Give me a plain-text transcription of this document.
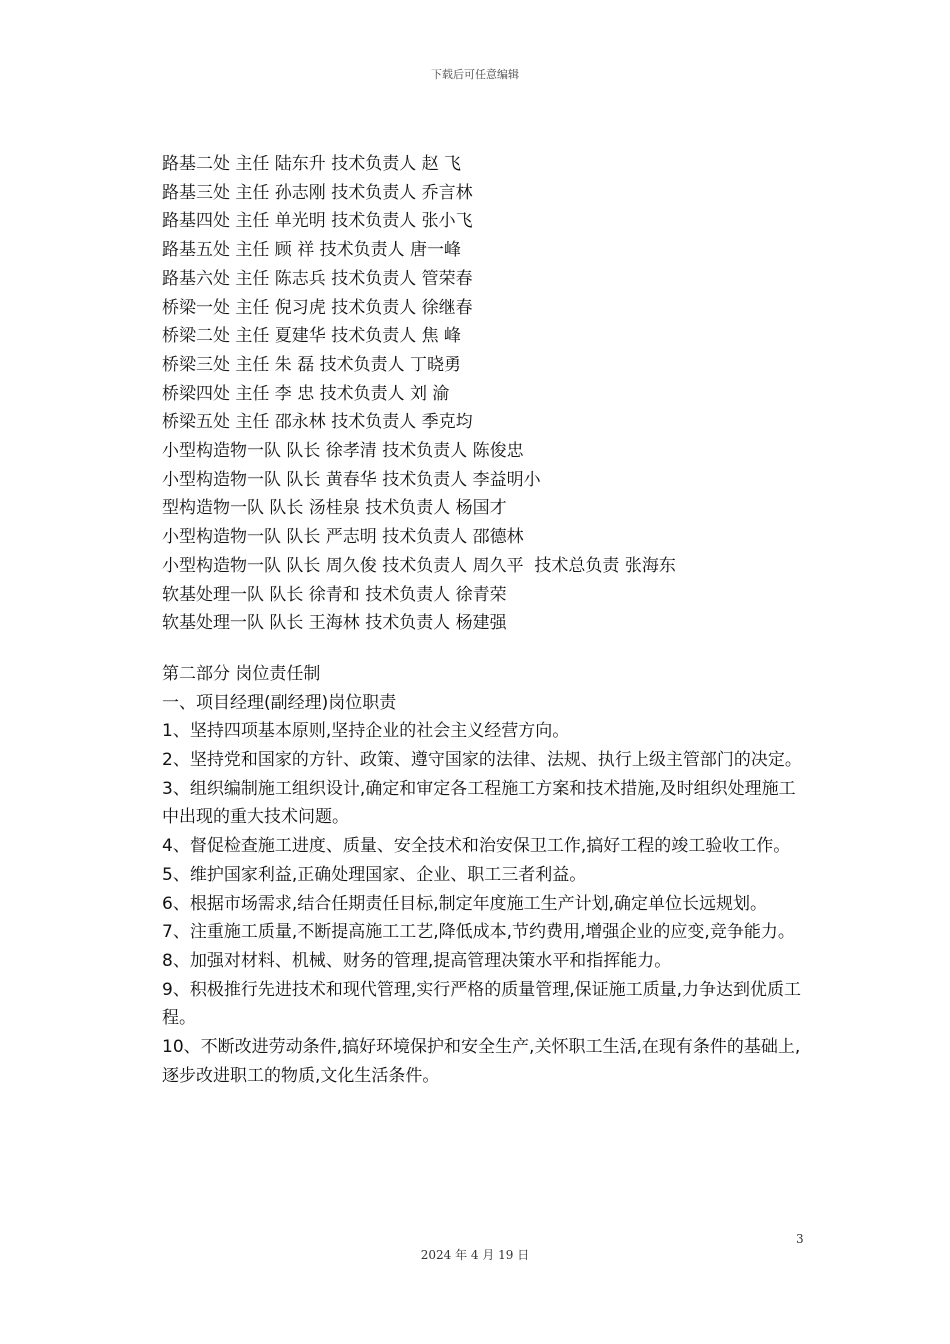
下载后可任意编辑
路基二处 主任 陆东升 技术负责人 赵 飞
路基三处 主任 孙志刚 技术负责人 乔言林
路基四处 主任 单光明 技术负责人 张小飞
路基五处 主任 顾 祥 技术负责人 唐一峰
路基六处 主任 陈志兵 技术负责人 管荣春
桥梁一处 主任 倪习虎 技术负责人 徐继春
桥梁二处 主任 夏建华 技术负责人 焦 峰
桥梁三处 主任 朱 磊 技术负责人 丁晓勇
桥梁四处 主任 李 忠 技术负责人 刘 渝
桥梁五处 主任 邵永林 技术负责人 季克均
小型构造物一队 队长 徐孝清 技术负责人 陈俊忠
小型构造物一队 队长 黄春华 技术负责人 李益明小
型构造物一队 队长 汤桂泉 技术负责人 杨国才
小型构造物一队 队长 严志明 技术负责人 邵德林
小型构造物一队 队长 周久俊 技术负责人 周久平  技术总负责 张海东
软基处理一队 队长 徐青和 技术负责人 徐青荣
软基处理一队 队长 王海林 技术负责人 杨建强
第二部分 岗位责任制
一、项目经理(副经理)岗位职责
1、坚持四项基本原则,坚持企业的社会主义经营方向。
2、坚持党和国家的方针、政策、遵守国家的法律、法规、执行上级主管部门的决定。
3、组织编制施工组织设计,确定和审定各工程施工方案和技术措施,及时组织处理施工中出现的重大技术问题。
4、督促检查施工进度、质量、安全技术和治安保卫工作,搞好工程的竣工验收工作。
5、维护国家利益,正确处理国家、企业、职工三者利益。
6、根据市场需求,结合任期责任目标,制定年度施工生产计划,确定单位长远规划。
7、注重施工质量,不断提高施工工艺,降低成本,节约费用,增强企业的应变,竞争能力。
8、加强对材料、机械、财务的管理,提高管理决策水平和指挥能力。
9、积极推行先进技术和现代管理,实行严格的质量管理,保证施工质量,力争达到优质工程。
10、不断改进劳动条件,搞好环境保护和安全生产,关怀职工生活,在现有条件的基础上,逐步改进职工的物质,文化生活条件。
3
2024 年 4 月 19 日
